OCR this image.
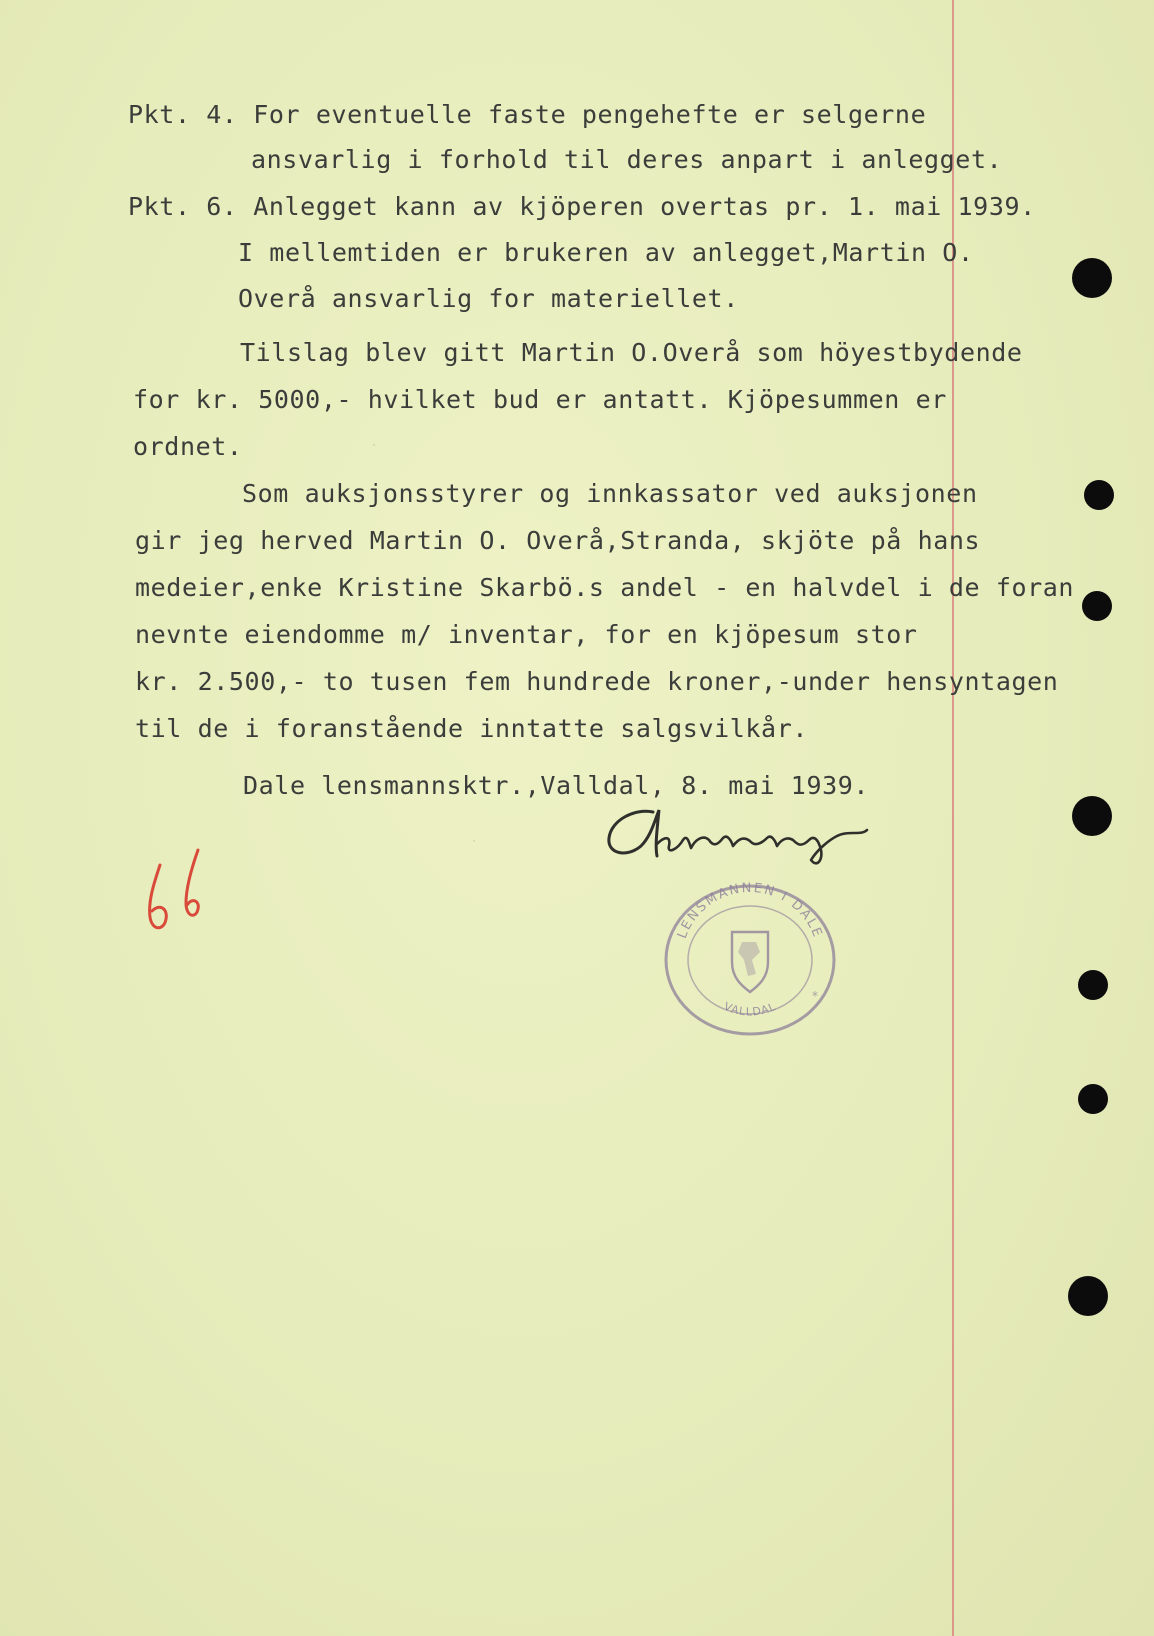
Pkt. 4. For eventuelle faste pengehefte er selgerne
ansvarlig i forhold til deres anpart i anlegget.
Pkt. 6. Anlegget kann av kjöperen overtas pr. 1. mai 1939.
I mellemtiden er brukeren av anlegget,Martin O.
Overå ansvarlig for materiellet.
Tilslag blev gitt Martin O.Overå som höyestbydende
for kr. 5000,- hvilket bud er antatt. Kjöpesummen er
ordnet.
Som auksjonsstyrer og innkassator ved auksjonen
gir jeg herved Martin O. Overå,Stranda, skjöte på hans
medeier,enke Kristine Skarbö.s andel - en halvdel i de foran
nevnte eiendomme m/ inventar, for en kjöpesum stor
kr. 2.500,- to tusen fem hundrede kroner,-under hensyntagen
til de i foranstående inntatte salgsvilkår.
Dale lensmannsktr.,Valldal, 8. mai 1939.
·
.
LENSMANNEN I DALE
VALLDAL
*
